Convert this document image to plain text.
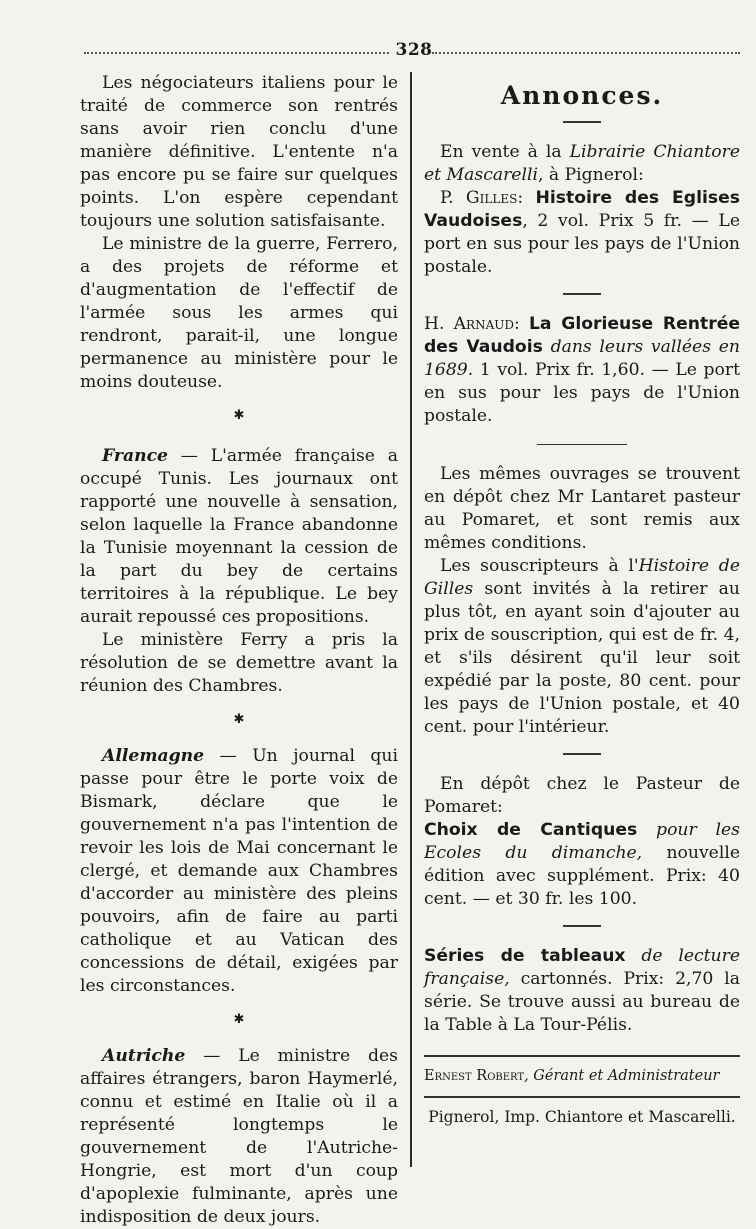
328

Les négociateurs italiens pour le traité de commerce son rentrés sans avoir rien conclu d'une manière définitive. L'entente n'a pas encore pu se faire sur quelques points. L'on espère cependant toujours une solution satisfaisante.

Le ministre de la guerre, Ferrero, a des projets de réforme et d'augmentation de l'effectif de l'armée sous les armes qui rendront, parait-il, une longue permanence au ministère pour le moins douteuse.

✱

France — L'armée française a occupé Tunis. Les journaux ont rapporté une nouvelle à sensation, selon laquelle la France abandonne la Tunisie moyennant la cession de la part du bey de certains territoires à la république. Le bey aurait repoussé ces propositions.

Le ministère Ferry a pris la résolution de se demettre avant la réunion des Chambres.

✱

Allemagne — Un journal qui passe pour être le porte voix de Bismark, déclare que le gouvernement n'a pas l'intention de revoir les lois de Mai concernant le clergé, et demande aux Chambres d'accorder au ministère des pleins pouvoirs, afin de faire au parti catholique et au Vatican des concessions de détail, exigées par les circonstances.

✱

Autriche — Le ministre des affaires étrangers, baron Haymerlé, connu et estimé en Italie où il a représenté longtemps le gouvernement de l'Autriche-Hongrie, est mort d'un coup d'apoplexie fulminante, après une indisposition de deux jours.

Annonces.

En vente à la Librairie Chiantore et Mascarelli, à Pignerol:

P. Gilles: Histoire des Eglises Vaudoises, 2 vol. Prix 5 fr. — Le port en sus pour les pays de l'Union postale.

H. Arnaud: La Glorieuse Rentrée des Vaudois dans leurs vallées en 1689. 1 vol. Prix fr. 1,60. — Le port en sus pour les pays de l'Union postale.

Les mêmes ouvrages se trouvent en dépôt chez Mr Lantaret pasteur au Pomaret, et sont remis aux mêmes conditions.

Les souscripteurs à l'Histoire de Gilles sont invités à la retirer au plus tôt, en ayant soin d'ajouter au prix de souscription, qui est de fr. 4, et s'ils désirent qu'il leur soit expédié par la poste, 80 cent. pour les pays de l'Union postale, et 40 cent. pour l'intérieur.

En dépôt chez le Pasteur de Pomaret:

Choix de Cantiques pour les Ecoles du dimanche, nouvelle édition avec supplément. Prix: 40 cent. — et 30 fr. les 100.

Séries de tableaux de lecture française, cartonnés. Prix: 2,70 la série. Se trouve aussi au bureau de la Table à La Tour-Pélis.

Ernest Robert, Gérant et Administrateur

Pignerol, Imp. Chiantore et Mascarelli.
